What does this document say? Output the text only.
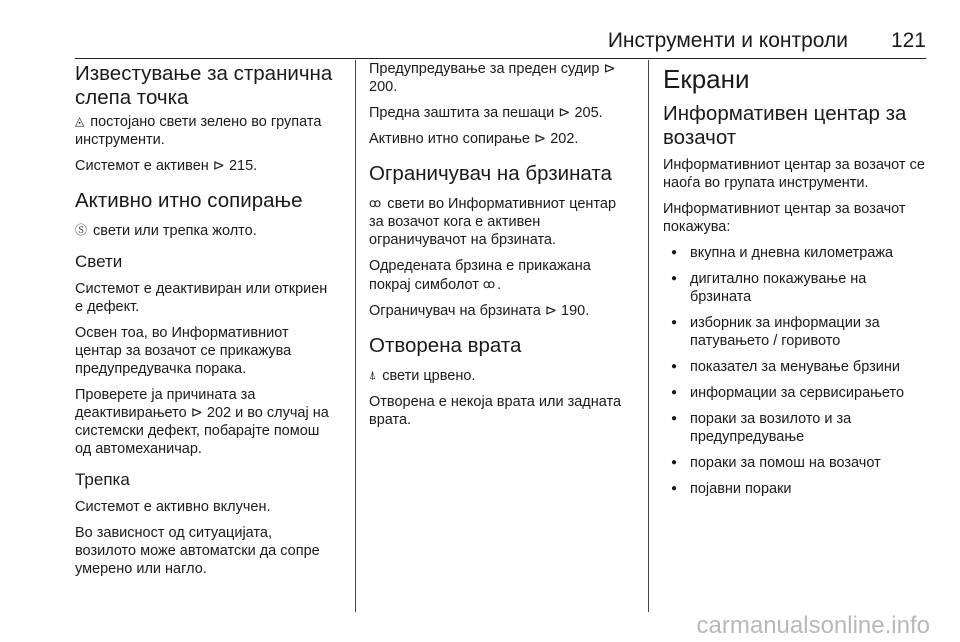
Инструменти и контроли 121
Известување за странична слепа точка

◬ постојано свети зелено во групата инструменти.

Системот е активен ⊳ 215.

Активно итно сопирање

Ⓢ свети или трепка жолто.

Свети

Системот е деактивиран или откриен е дефект.

Освен тоа, во Информативниот центар за возачот се прикажува предупредувачка порака.

Проверете ја причината за деактивирањето ⊳ 202 и во случај на системски дефект, побарајте помош од автомеханичар.

Трепка

Системот е активно вклучен.

Во зависност од ситуацијата, возилото може автоматски да сопре умерено или нагло.

Предупредување за преден судир ⊳ 200.

Предна заштита за пешаци ⊳ 205.

Активно итно сопирање ⊳ 202.

Ограничувач на брзината

ꝏ свети во Информативниот центар за возачот кога е активен ограничувачот на брзината.

Одредената брзина е прикажана покрај симболот ꝏ .

Ограничувач на брзината ⊳ 190.

Отворена врата

⍋ свети црвено.

Отворена е некоја врата или задната врата.

Екрани
Информативен центар за возачот

Информативниот центар за возачот се наоѓа во групата инструменти.

Информативниот центар за возачот покажува:

● вкупна и дневна километража
● дигитално покажување на брзината
● изборник за информации за патувањето / горивото
● показател за менување брзини
● информации за сервисирањето
● пораки за возилото и за предупредување
● пораки за помош на возачот
● појавни пораки
carmanualsonline.info
